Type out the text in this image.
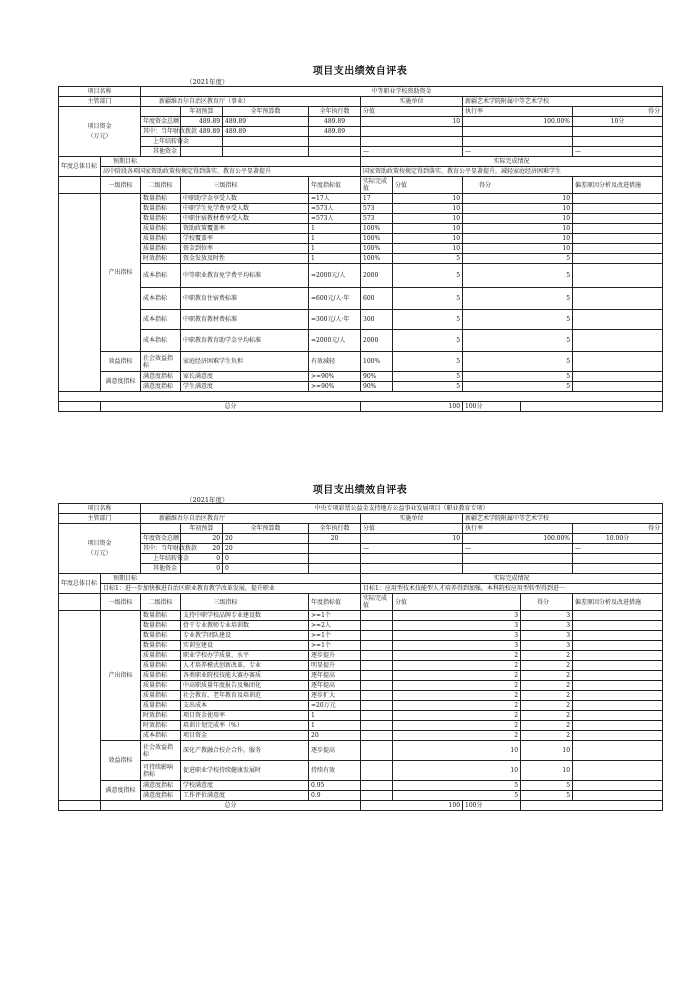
项目支出绩效自评表
（2021年度）
项目名称		中等职业学校资助资金								
主管部门		新疆维吾尔自治区教育厅（事业）				实施单位		新疆艺术学院附属中等艺术学校		

项目资金
（万元）			年初预算	全年预算数	全年执行数	分值		执行率		得分
		年度资金总额	489.89	489.89	489.89	10		100.00%		10分
		其中：当年财政拨款	489.89	489.89	489.89					
		上年结转资金								
		其他资金				—		—		—
年度总体目标	预期目标					实际完成情况				
	高中阶段各项国家资助政策按规定得到落实，教育公平显著提升					国家资助政策按规定得到落实，教育公平显著提升，减轻家庭经济困难学生				
	一级指标	二级指标	三级指标		年度指标值	实际完成值	分值	得分		偏差原因分析及改进措施
	产出指标	数量指标	中职助学金享受人数		=17人	17	10	10		
		数量指标	中职学生免学费享受人数		=573人	573	10	10		
		数量指标	中职住宿教材费享受人数		=573人	573	10	10		
		质量指标	资助政策覆盖率		1	100%	10	10		
		质量指标	学校覆盖率		1	100%	10	10		
		质量指标	资金到位率		1	100%	10	10		
		时效指标	资金发放及时性		1	100%	5	5		
		成本指标	中等职业教育免学费平均标准		=2000元/人	2000	5	5		
		成本指标	中职教育住宿费标准		=600元/人·年	600	5	5		
		成本指标	中职教育教材费标准		=300元/人·年	300	5	5		
		成本指标	中职教育教育助学金平均标准		=2000元/人	2000	5	5		
	效益指标	社会效益指标	家庭经济困难学生负担		有效减轻	100%	5	5		
	满意度指标	满意度指标	家长满意度		>=90%	90%	5	5		
		满意度指标	学生满意度		>=90%	90%	5	5		

	总分					100		100分		
项目支出绩效自评表
（2021年度）
项目名称		中央专项彩票公益金支持地方公益事业发展项目（职业教育专项）								
主管部门		新疆维吾尔自治区教育厅				实施单位		新疆艺术学院附属中等艺术学校		

项目资金
（万元）			年初预算	全年预算数	全年执行数	分值		执行率		得分
		年度资金总额	20	20	20	10		100.00%		10.00分
		其中：当年财政拨款	20	20		—		—		—
		上年结转资金	0	0						
		其他资金	0	0						
年度总体目标	预期目标					实际完成情况				
	目标1：进一步加快推进自治区职业教育教学改革发展，提升职业					目标1：应用型技术技能型人才培养得到加强，本科院校应用型转型得到进一				
	一级指标	二级指标	三级指标		年度指标值	实际完成值	分值		得分	偏差原因分析及改进措施
	产出指标	数量指标	支持中职学校品牌专业建设数		>=1个		3		3	
		数量指标	骨干专业教师专业培训数		>=2人		3		3	
		数量指标	专业教学团队建设		>=1个		3		3	
		数量指标	实训室建设		>=1个		3		3	
		质量指标	职业学校办学质量、水平		逐步提升		2		2	
		质量指标	人才培养模式创新改革，专业		明显提升		2		2	
		质量指标	各类职业院校技能大赛办赛质		逐年提高		2		2	
		质量指标	中高职质量年度报告及集团化		逐年提高		2		2	
		质量指标	社会教育、老年教育及培训范		逐步扩大		2		2	
		质量指标	支出成本		=20万元		2		2	
		时效指标	项目资金使用率		1		2		2	
		时效指标	培训计划完成率（%）		1		2		2	
		成本指标	项目资金		20		2		2	
	效益指标	社会效益指标	深化产教融合校企合作，服务		逐步提高		10		10	
		可持续影响指标	促进职业学校持续健康发展时		持续有效		10		10	
	满意度指标	满意度指标	学校满意度		0.95		5		5	
		满意度指标	工作评价满意度		0.9		5		5	
	总分					100		100分		
